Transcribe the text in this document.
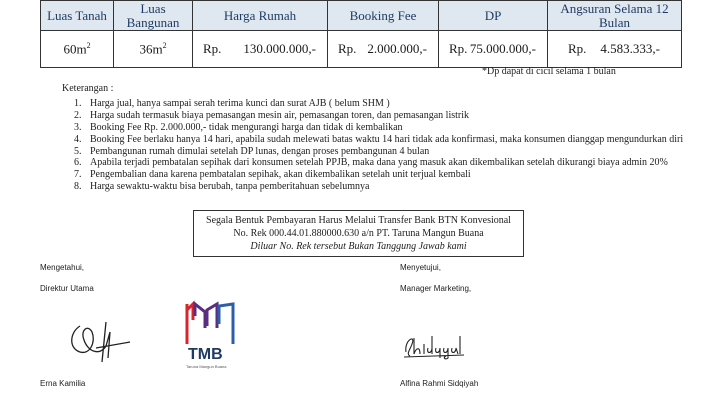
Luas Tanah	Luas Bangunan	Harga Rumah	Booking Fee	DP	Angsuran Selama 12 Bulan
$60m^2$	$36m^2$	Rp. 130.000.000,-	Rp. 2.000.000,-	Rp. 75.000.000,-	Rp. 4.583.333,-
*Dp dapat di cicil selama 1 bulan
Keterangan :
1. Harga jual, hanya sampai serah terima kunci dan surat AJB ( belum SHM )
2. Harga sudah termasuk biaya pemasangan mesin air, pemasangan toren, dan pemasangan listrik
3. Booking Fee Rp. 2.000.000,- tidak mengurangi harga dan tidak di kembalikan
4. Booking Fee berlaku hanya 14 hari, apabila sudah melewati batas waktu 14 hari tidak ada konfirmasi, maka konsumen dianggap mengundurkan diri
5. Pembangunan rumah dimulai setelah DP lunas, dengan proses pembangunan 4 bulan
6. Apabila terjadi pembatalan sepihak dari konsumen setelah PPJB, maka dana yang masuk akan dikembalikan setelah dikurangi biaya admin 20%
7. Pengembalian dana karena pembatalan sepihak, akan dikembalikan setelah unit terjual kembali
8. Harga sewaktu-waktu bisa berubah, tanpa pemberitahuan sebelumnya
Segala Bentuk Pembayaran Harus Melalui Transfer Bank BTN Konvesional
No. Rek 000.44.01.880000.630 a/n PT. Taruna Mangun Buana
Diluar No. Rek tersebut Bukan Tanggung Jawab kami
Mengetahui,
Direktur Utama
Erna Kamilia
TMB
Taruna Mangun Buana
Menyetujui,
Manager Marketing,
Alfina Rahmi Sidqiyah
